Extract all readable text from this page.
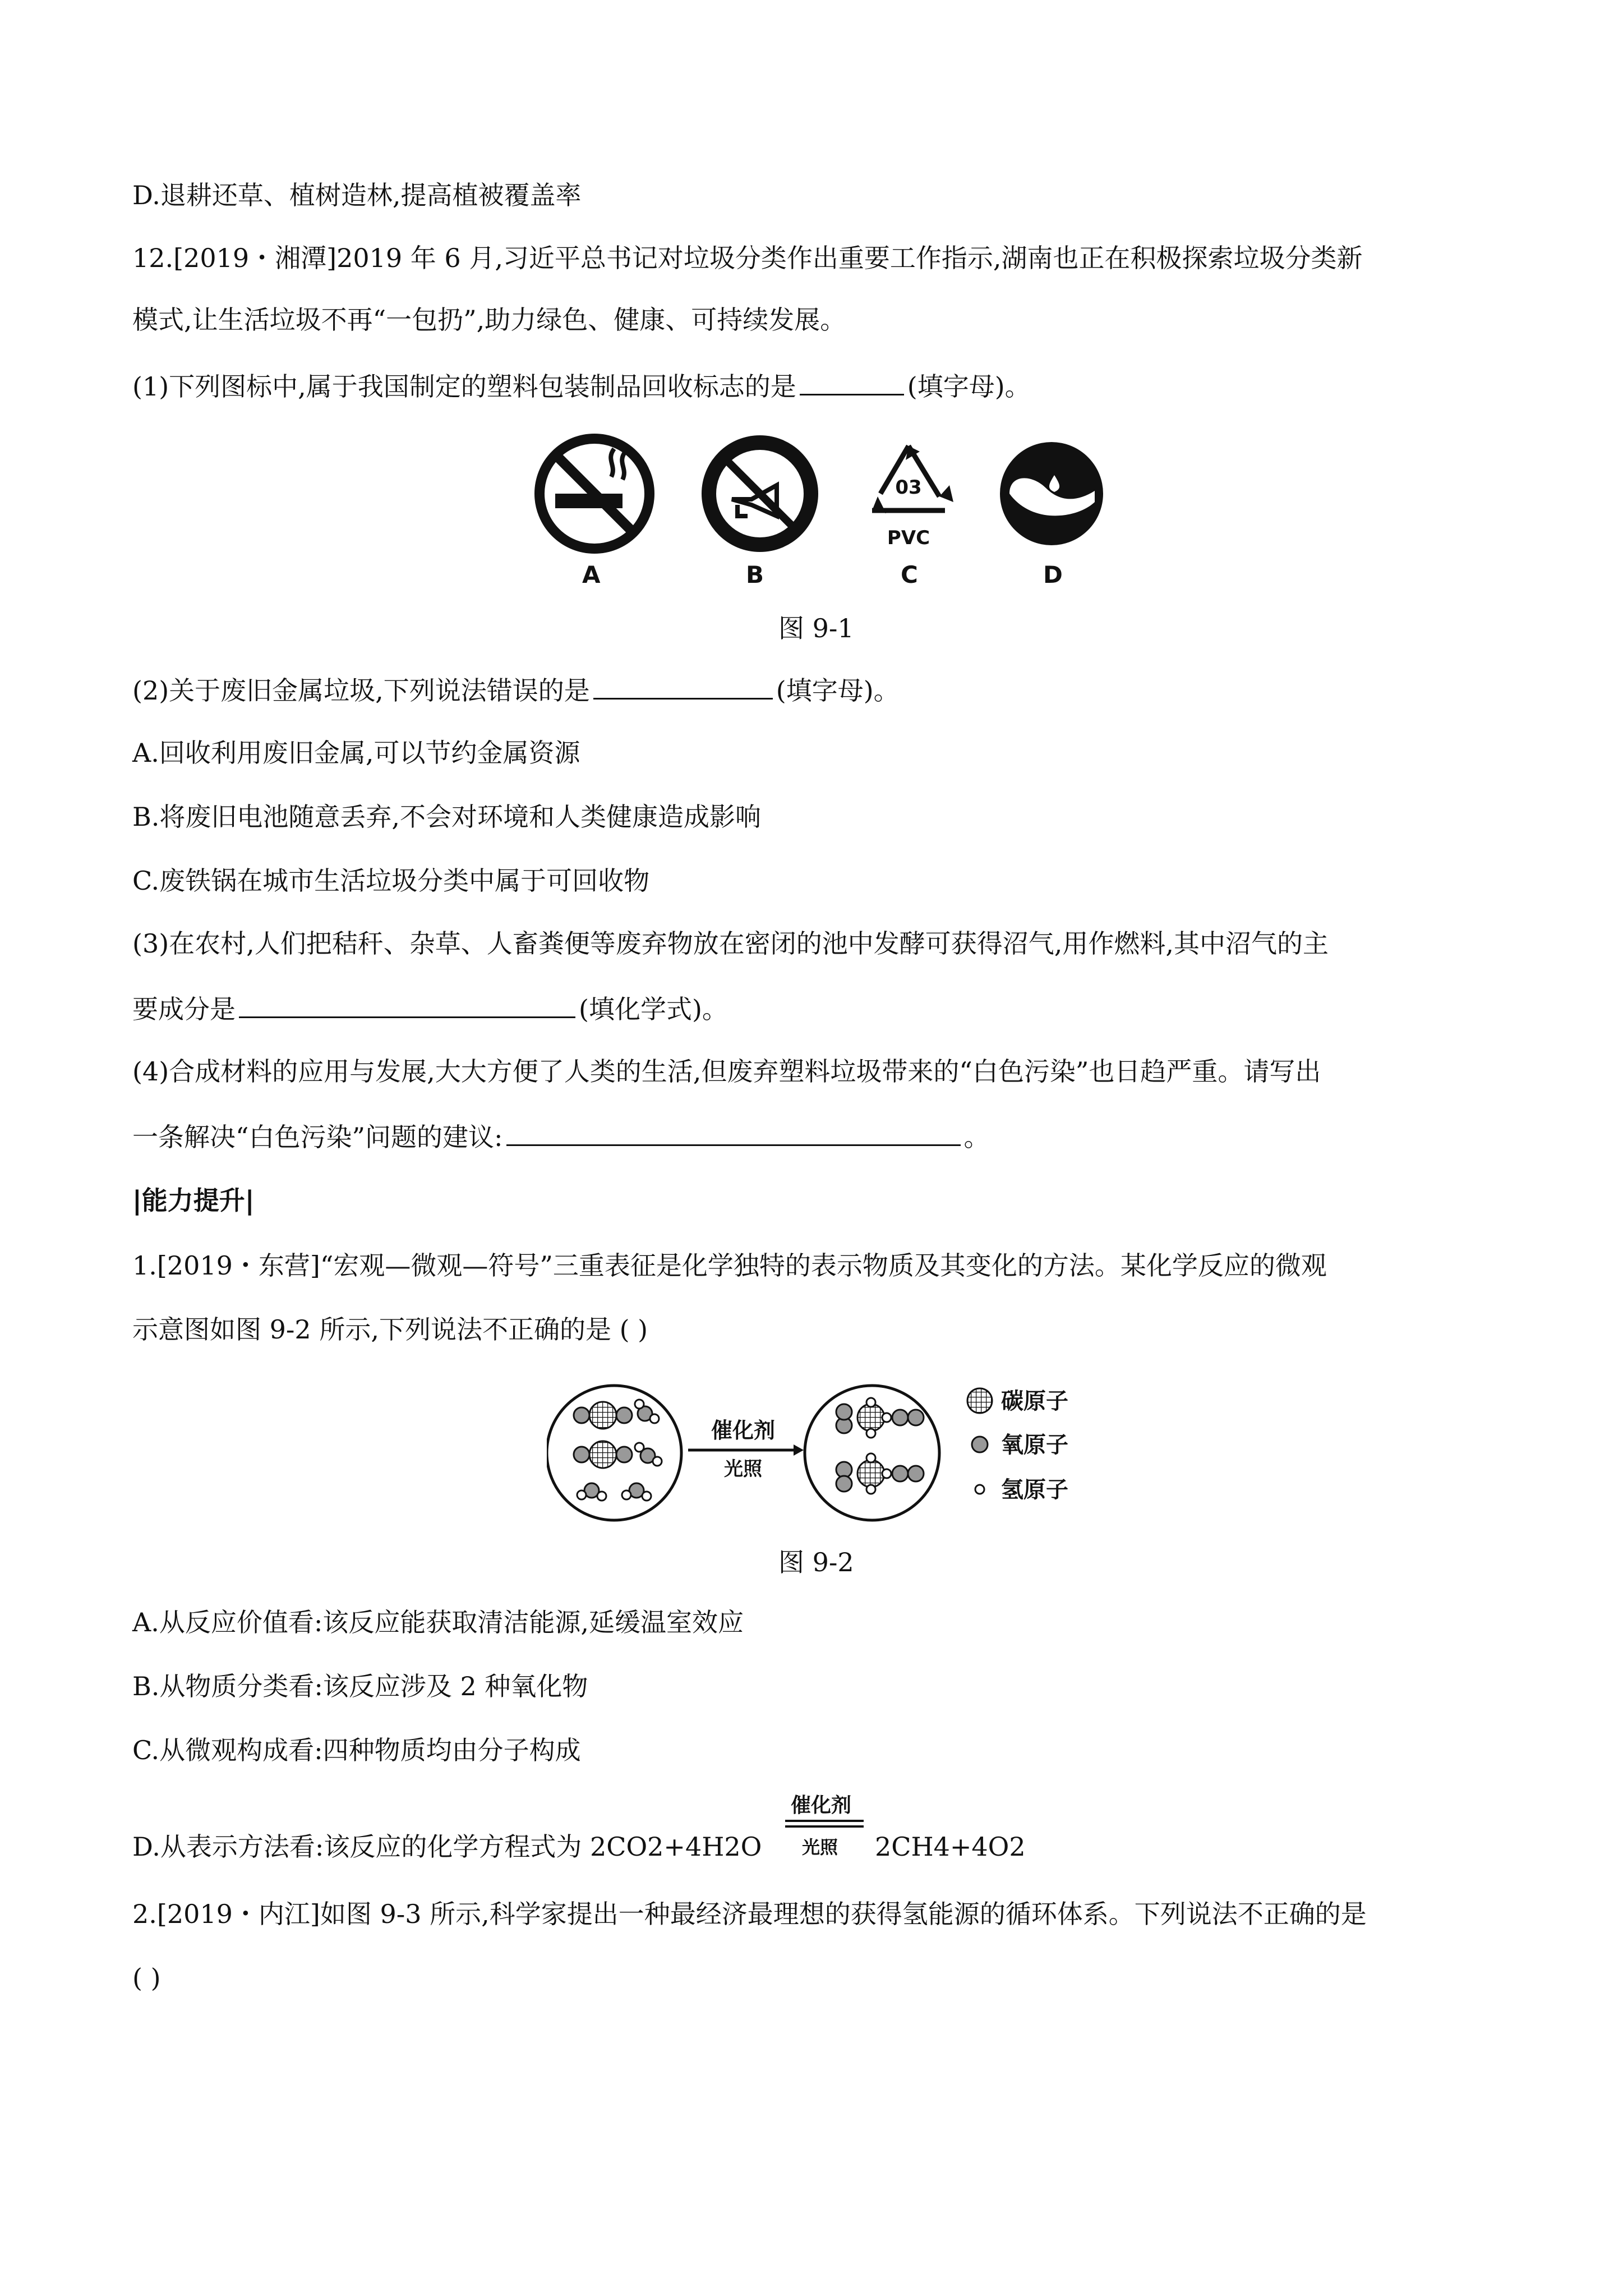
D.退耕还草、植树造林,提高植被覆盖率
12.[2019・湘潭]2019 年 6 月,习近平总书记对垃圾分类作出重要工作指示,湖南也正在积极探索垃圾分类新
模式,让生活垃圾不再“一包扔”,助力绿色、健康、可持续发展。
(1)下列图标中,属于我国制定的塑料包装制品回收标志的是	(填字母)。
03
PVC
A	B	C	D
图 9-1
(2)关于废旧金属垃圾,下列说法错误的是	(填字母)。
A.回收利用废旧金属,可以节约金属资源
B.将废旧电池随意丢弃,不会对环境和人类健康造成影响
C.废铁锅在城市生活垃圾分类中属于可回收物
(3)在农村,人们把秸秆、杂草、人畜粪便等废弃物放在密闭的池中发酵可获得沼气,用作燃料,其中沼气的主
要成分是	(填化学式)。
(4)合成材料的应用与发展,大大方便了人类的生活,但废弃塑料垃圾带来的“白色污染”也日趋严重。请写出
一条解决“白色污染”问题的建议:	。
|能力提升|
1.[2019・东营]“宏观—微观—符号”三重表征是化学独特的表示物质及其变化的方法。某化学反应的微观
示意图如图 9-2 所示,下列说法不正确的是 ( )
催化剂
光照
碳原子
氧原子
氢原子
图 9-2
A.从反应价值看:该反应能获取清洁能源,延缓温室效应
B.从物质分类看:该反应涉及 2 种氧化物
C.从微观构成看:四种物质均由分子构成
D.从表示方法看:该反应的化学方程式为 2CO2+4H2O
催化剂
光照 2CH4+4O2
2.[2019・内江]如图 9-3 所示,科学家提出一种最经济最理想的获得氢能源的循环体系。下列说法不正确的是
( )
